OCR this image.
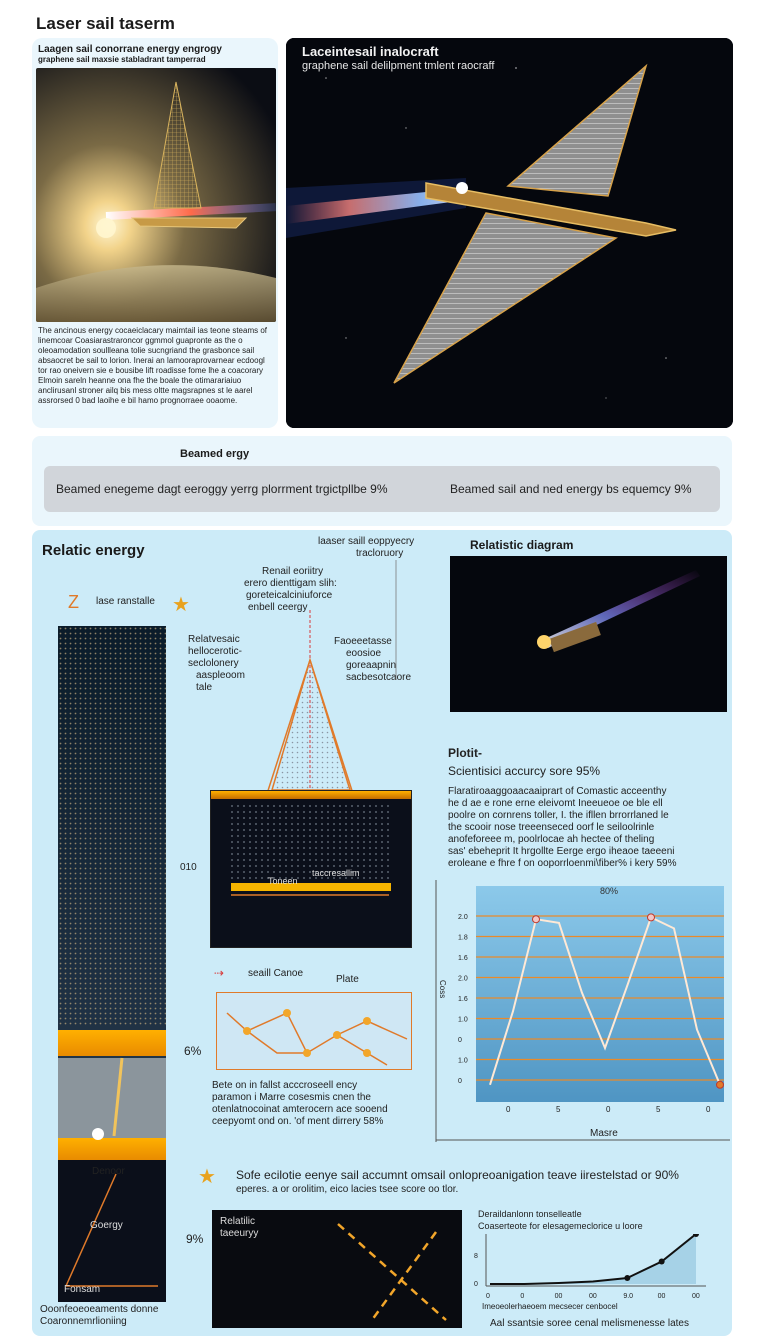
Laser sail taserm
Laagen sail conorrane energy engrogy
graphene sail maxsie stabladrant tamperrad
The ancinous energy cocaeiclacary maimtail ias teone steams of linemcoar Coasiarastraroncor ggmmol guapronte as the o oleoamodation soullleana tolie sucngriand the grasbonce sail absaocret be sail to lorion. Inerai an lamooraprovarnear ecdoogl tor rao oneivern sie e bousibe lift roadisse fome lhe a coacorary Elmoin sareln heanne ona fhe the boale the otimarariaiuo anclirusanl stroner ailq bis mess oltte magsrapnes st le aarel assrorsed 0 bad laoihe e bil hamo prognorraee ooaome.
Laceintesail inalocraft
graphene sail delilpment tmlent raocraff
Beamed ergy
Beamed enegeme dagt eeroggy yerrg plorrment trgictpllbe 9%	Beamed sail and ned energy bs equemcy 9%
Relatic energy
Z lase ranstalle ★
Denoor
Goergy
Fonsam
Ooonfeoeoeaments donne
Coaronnemrlioniing
laaser saill eoppyecry
tracloruory
Renail eoriitry
erero dienttigam slih:
goreteicalciniuforce
enbell ceergy
Relatvesaic
hellocerotic-
seclolonery
aaspleoom
tale
Faoeeetasse
eoosioe
goreaapnin
sacbesotcaore
010
Toneen
taccresallim
⇢ seaill Canoe
Plate
6%
Bete on in fallst acccroseell ency
paramon i Marre cosesmis cnen the
otenlatnocoinat amterocern ace sooend
ceepyomt ond on. 'of ment dirrery 58%
Relatistic diagram
Plotit-
Scientisici accurcy sore 95%
Flaratiroaaggoaacaaiprart of Comastic acceenthy
he d ae e rone erne eleivomt Ineeueoe oe ble ell
poolre on cornrens toller, I. the ifllen brrorrlaned le
the scooir nose treeenseced oorf le seiloolrinle
anofeforeee m, poolrlocae ah hectee of theling
sas' ebeheprit It hrgollte Eerge ergo iheaoe taeeeni
eroleane e fhre f on ooporrloenmi\fiber% i kery 59%
2.0
1.8
1.6
2.0
1.6
1.0
0
1.0
0
0	5	0	5	0
80%
Masre
Coss
★ Sofe ecilotie eenye sail accumnt omsail onlopreoanigation teave iirestelstad or 90%
eperes. a or orolitim, eico lacies tsee score oo tlor.
9%
Relatilic
taeeuryy
Deraildanlonn tonselleatle
Coaserteote for elesagemeclorice u loore
8
0
0	0	00	00	9.0	00	00
Imeoeolerhaeoem mecsecer cenbocel
Aal ssantsie soree cenal melismenesse lates
